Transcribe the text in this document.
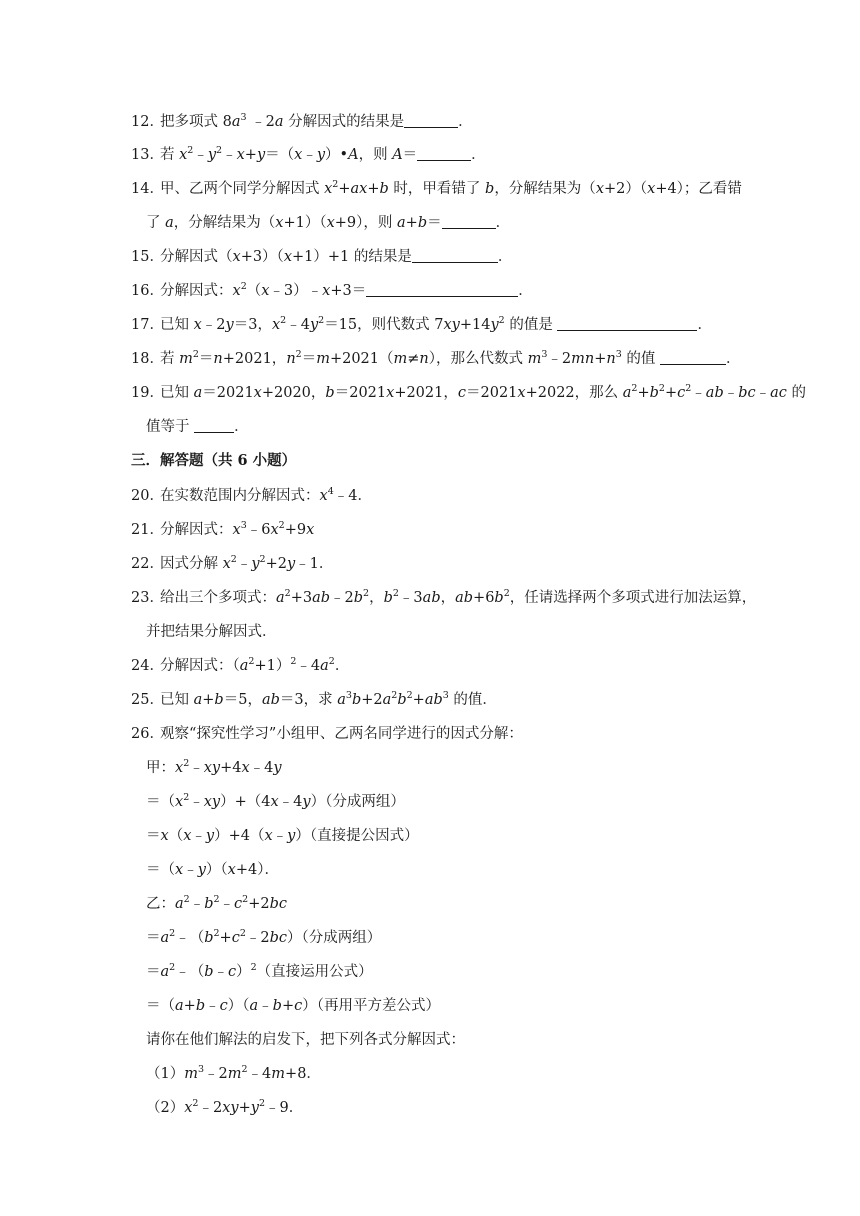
12．
把多项式 $8a^3$ ﹣2a 分解因式的结果是	．
13．
若 $x^2﹣y^2﹣x+y=(x﹣y)•A$，则 A＝	．
14．
甲、乙两个同学分解因式 $x^2+ax+b$ 时，甲看错了 b，分解结果为（x+2）（x+4）；乙看错
了 a，分解结果为（x+1）（x+9），则 a+b＝	．
15．
分解因式（x+3）（x+1）+1 的结果是	．
16．
分解因式：$x^2(x﹣3)﹣x+3=$	．
17．
已知 x﹣2y＝3，$x^2﹣4y^2=15$，则代数式 $7xy+14y^2$ 的值是	．
18．
若 $m^2=n+2021$，$n^2=m+2021(m\ne n)$，那么代数式 $m^3﹣2mn+n^3$ 的值	．
19．
已知 a＝2021x+2020，b＝2021x+2021，c＝2021x+2022，那么 $a^2+b^2+c^2﹣ab﹣bc﹣ac$ 的
值等于	．
三．解答题（共 6 小题）
20．
在实数范围内分解因式：$x^4﹣4$．
21．
分解因式：$x^3﹣6x^2+9x$
22．
因式分解 $x^2﹣y^2+2y﹣1$．
23．
给出三个多项式：$a^2+3ab﹣2b^2$，$b^2﹣3ab$，$ab+6b^2$，任请选择两个多项式进行加法运算，
并把结果分解因式．
24．
分解因式：$(a^2+1)^2﹣4a^2$．
25．
已知 a+b＝5，ab＝3，求 $a^3b+2a^2b^2+ab^3$ 的值．
26．
观察“探究性学习”小组甲、乙两名同学进行的因式分解：
甲：$x^2﹣xy+4x﹣4y$
$=(x^2﹣xy)+(4x﹣4y)$（分成两组）
＝x（x﹣y）+4（x﹣y）（直接提公因式）
＝（x﹣y）（x+4）．
乙：$a^2﹣b^2﹣c^2+2bc$
$=a^2﹣(b^2+c^2﹣2bc)$（分成两组）
$=a^2﹣(b﹣c)^2$（直接运用公式）
＝（a+b﹣c）（a﹣b+c）（再用平方差公式）
请你在他们解法的启发下，把下列各式分解因式：
$(1)m^3﹣2m^2﹣4m+8$．
$(2)x^2﹣2xy+y^2﹣9$．
